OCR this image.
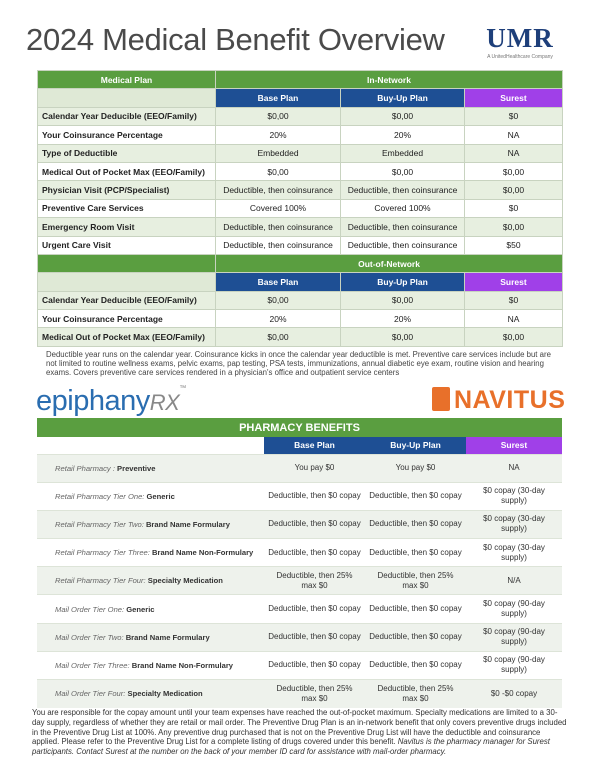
2024 Medical Benefit Overview	UMR
A UnitedHealthcare Company
Medical Plan	In-Network		
	Base Plan	Buy-Up Plan	Surest
Calendar Year Deducible (EEO/Family)	$0,00	$0,00	$0
Your Coinsurance Percentage	20%	20%	NA
Type of Deductible	Embedded	Embedded	NA
Medical Out of Pocket Max (EEO/Family)	$0,00	$0,00	$0,00
Physician Visit (PCP/Specialist)	Deductible, then coinsurance	Deductible, then coinsurance	$0,00
Preventive Care Services	Covered 100%	Covered 100%	$0
Emergency Room Visit	Deductible, then coinsurance	Deductible, then coinsurance	$0,00
Urgent Care Visit	Deductible, then coinsurance	Deductible, then coinsurance	$50
	Out-of-Network		
	Base Plan	Buy-Up Plan	Surest
Calendar Year Deducible (EEO/Family)	$0,00	$0,00	$0
Your Coinsurance Percentage	20%	20%	NA
Medical Out of Pocket Max (EEO/Family)	$0,00	$0,00	$0,00

Deductible year runs on the calendar year. Coinsurance kicks in once the calendar year deductible is met. Preventive care services include but are not limited to routine wellness exams, pelvic exams, pap testing, PSA tests, immunizations, annual diabetic eye exam, routine vision and hearing exams. Covers preventive care services rendered in a physician's office and outpatient service centers

epiphanyRX™	NAVITUS
PHARMACY BENEFITS			
	Base Plan	Buy-Up Plan	Surest
Retail Pharmacy : Preventive	You pay $0	You pay $0	NA
Retail Pharmacy Tier One: Generic	Deductible, then $0 copay	Deductible, then $0 copay	$0 copay (30-day supply)
Retail Pharmacy Tier Two: Brand Name Formulary	Deductible, then $0 copay	Deductible, then $0 copay	$0 copay (30-day supply)
Retail Pharmacy Tier Three: Brand Name Non-Formulary	Deductible, then $0 copay	Deductible, then $0 copay	$0 copay (30-day supply)
Retail Pharmacy Tier Four: Specialty Medication	Deductible, then 25% max $0	Deductible, then 25% max $0	N/A
Mail Order Tier One: Generic	Deductible, then $0 copay	Deductible, then $0 copay	$0 copay (90-day supply)
Mail Order Tier Two: Brand Name Formulary	Deductible, then $0 copay	Deductible, then $0 copay	$0 copay (90-day supply)
Mail Order Tier Three: Brand Name Non-Formulary	Deductible, then $0 copay	Deductible, then $0 copay	$0 copay (90-day supply)
Mail Order Tier Four: Specialty Medication	Deductible, then 25% max $0	Deductible, then 25% max $0	$0 -$0 copay

You are responsible for the copay amount until your team expenses have reached the out-of-pocket maximum. Specialty medications are limited to a 30-day supply, regardless of whether they are retail or mail order. The Preventive Drug Plan is an in-network benefit that only covers preventive drugs included in the Preventive Drug List at 100%. Any preventive drug purchased that is not on the Preventive Drug List will have the deductible and coinsurance applied. Please refer to the Preventive Drug List for a complete listing of drugs covered under this benefit. Navitus is the pharmacy manager for Surest participants. Contact Surest at the number on the back of your member ID card for assistance with mail-order pharmacy.
